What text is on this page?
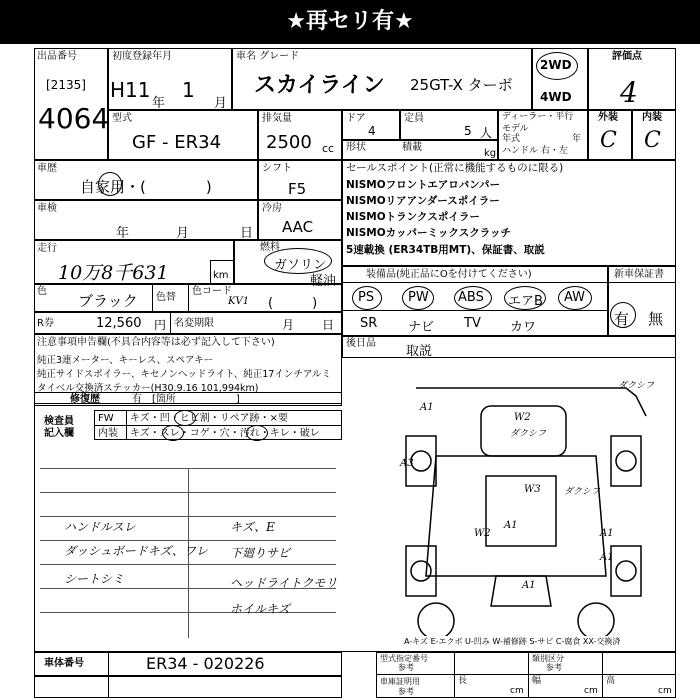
★再セリ有★
出品番号
[2135]
4064
初度登録年月
H11
年
1
月
車名 グレード
スカイライン 25GT-X ターボ
2WD
4WD
評価点
4
型式
GF - ER34
排気量
2500 cc
ドア
4
定員
5 人
形状	積載
kg
ディーラー・平行
モデル
年式	年
ハンドル 右・左
外装
C
内装
C
車歴
自家用・(　　　　)
シフト
F5
車検
年	月	日
冷房
AAC
走行
10万8千631	km
燃料
ガソリン
軽油
色
ブラック 色替
色コード
KV1 (　　　)
R券	12,560 円 名変期限	月 日
注意事項申告欄(不具合内容等は必ず記入して下さい)
純正3連メーター、キーレス、スペアキー
純正サイドスポイラー、キセノンヘッドライト、純正17インチアルミ
タイベル交換済ステッカー(H30.9.16 101,994km)
修復歴	有 [箇所　　　　　　]
検査員
記入欄
FW キズ・凹・ヒビ割・リペア跡・×要
内装 キズ・スレ・コゲ・穴・汚れ・キレ・破レ
ハンドルスレ
ダッシュボードキズ、ワレ
シートシミ
キズ、E
下廻りサビ
ヘッドライトクモリ
ホイルキズ
セールスポイント(正常に機能するものに限る)
NISMOフロントエアロバンパー
NISMOリアアンダースポイラー
NISMOトランクスポイラー
NISMOカッパーミックスクラッチ
5速載換 (ER34TB用MT)、保証書、取説
装備品(純正品にOを付けてください)
PS	PW ABS エアB AW
SR ナビ TV カワ
新車保証書
有 無
後日品
取説
ダクシフ
A1
W2
ダクシフ
A3
W3	ダクシフ
A1
W2	A1
A1
A1
A-キズ E-エクボ U-凹み W-補修跡 S-サビ C-腐食 XX-交換済
車体番号	ER34 - 020226	型式指定番号
参考
類別区分
参考
車庫証明用
参考
長
cm
幅
cm
高
cm
